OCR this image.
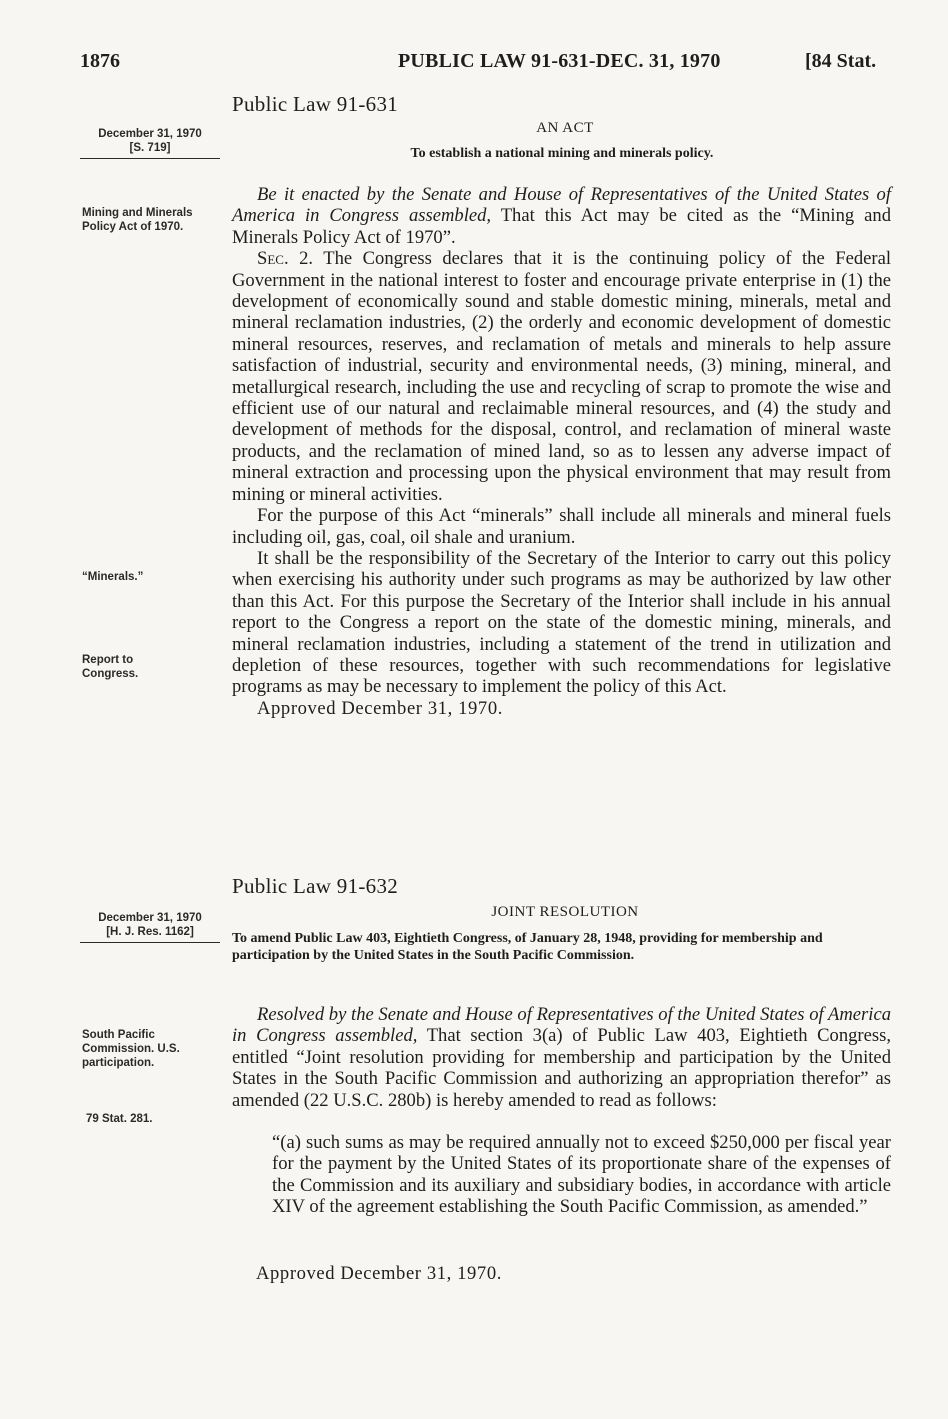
1876	PUBLIC LAW 91-631-DEC. 31, 1970	[84 Stat.
Public Law 91-631
December 31, 1970
[S. 719]
AN ACT
To establish a national mining and minerals policy.
Mining and Minerals Policy Act of 1970.
“Minerals.”
Report to Congress.

Be it enacted by the Senate and House of Representatives of the United States of America in Congress assembled, That this Act may be cited as the “Mining and Minerals Policy Act of 1970”.

Sec. 2. The Congress declares that it is the continuing policy of the Federal Government in the national interest to foster and encourage private enterprise in (1) the development of economically sound and stable domestic mining, minerals, metal and mineral reclamation industries, (2) the orderly and economic development of domestic mineral resources, reserves, and reclamation of metals and minerals to help assure satisfaction of industrial, security and environmental needs, (3) mining, mineral, and metallurgical research, including the use and recycling of scrap to promote the wise and efficient use of our natural and reclaimable mineral resources, and (4) the study and development of methods for the disposal, control, and reclamation of mineral waste products, and the reclamation of mined land, so as to lessen any adverse impact of mineral extraction and processing upon the physical environment that may result from mining or mineral activities.

For the purpose of this Act “minerals” shall include all minerals and mineral fuels including oil, gas, coal, oil shale and uranium.

It shall be the responsibility of the Secretary of the Interior to carry out this policy when exercising his authority under such programs as may be authorized by law other than this Act. For this purpose the Secretary of the Interior shall include in his annual report to the Congress a report on the state of the domestic mining, minerals, and mineral reclamation industries, including a statement of the trend in utilization and depletion of these resources, together with such recommendations for legislative programs as may be necessary to implement the policy of this Act.

Approved December 31, 1970.

Public Law 91-632
December 31, 1970
[H. J. Res. 1162]
JOINT RESOLUTION
To amend Public Law 403, Eightieth Congress, of January 28, 1948, providing for membership and participation by the United States in the South Pacific Commission.
South Pacific Commission. U.S. participation.
79 Stat. 281.

Resolved by the Senate and House of Representatives of the United States of America in Congress assembled, That section 3(a) of Public Law 403, Eightieth Congress, entitled “Joint resolution providing for membership and participation by the United States in the South Pacific Commission and authorizing an appropriation therefor” as amended (22 U.S.C. 280b) is hereby amended to read as follows:

“(a) such sums as may be required annually not to exceed $250,000 per fiscal year for the payment by the United States of its proportionate share of the expenses of the Commission and its auxiliary and subsidiary bodies, in accordance with article XIV of the agreement establishing the South Pacific Commission, as amended.”

Approved December 31, 1970.
